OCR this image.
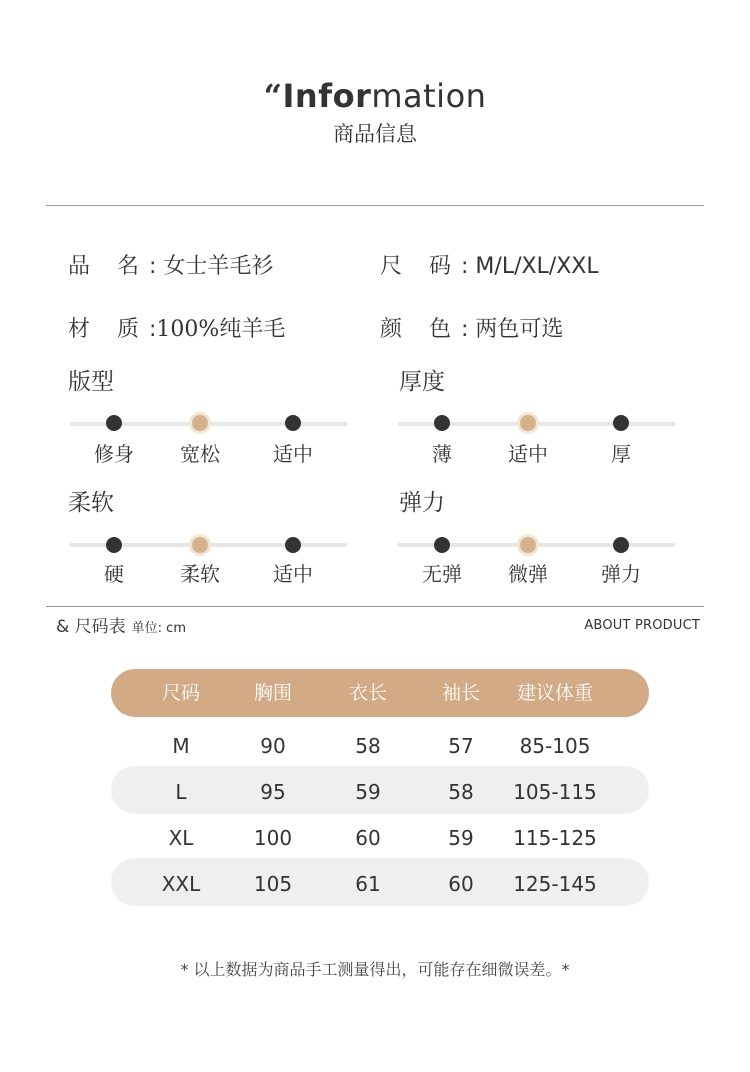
“Information
商品信息
品 名: 女士羊毛衫	尺 码: M/L/XL/XXL
材 质:100%纯羊毛	颜 色: 两色可选
版型
修身	宽松	适中
厚度
薄	适中	厚
柔软
硬	柔软	适中
弹力
无弹	微弹	弹力
& 尺码表 单位: cm	ABOUT PRODUCT
尺码	胸围	衣长	袖长	建议体重
M	90	58	57	85-105
L	95	59	58	105-115
XL	100	60	59	115-125
XXL	105	61	60	125-145
* 以上数据为商品手工测量得出，可能存在细微误差。*
